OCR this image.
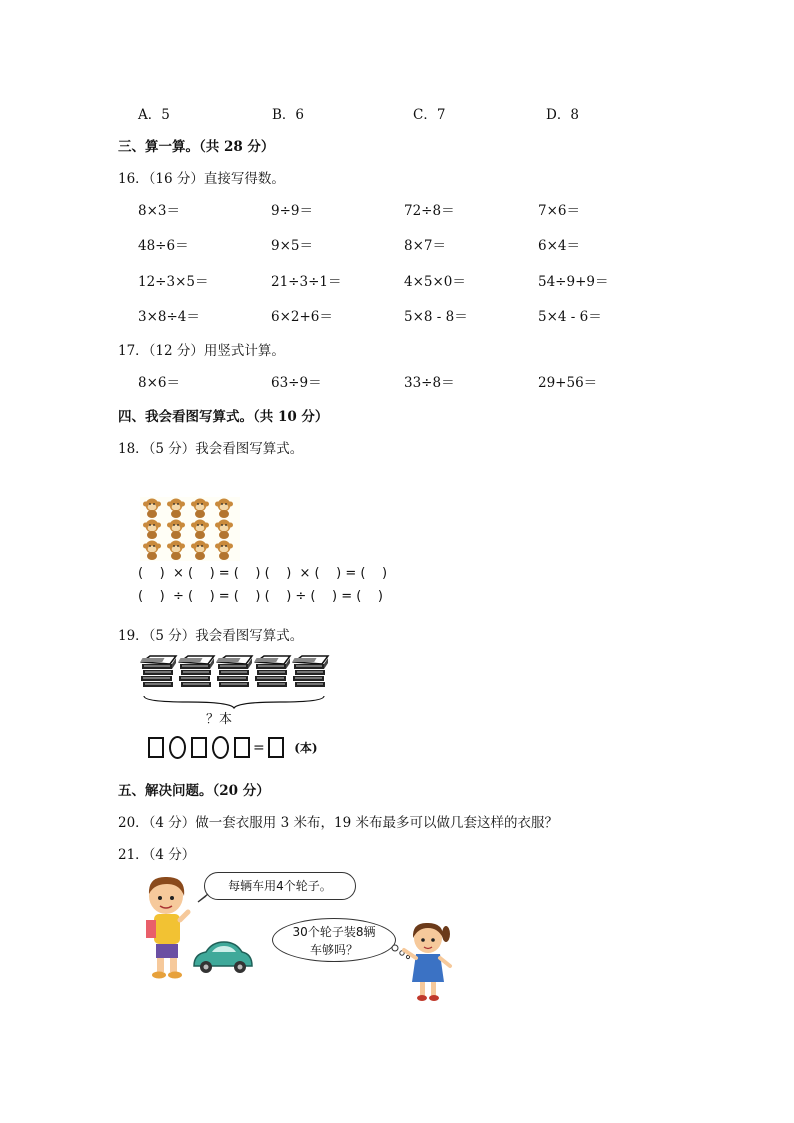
A．5	B．6	C．7	D．8
三、算一算。（共 28 分）
16．（16 分）直接写得数。
8×3＝	9÷9＝	72÷8＝	7×6＝
48÷6＝	9×5＝	8×7＝	6×4＝
12÷3×5＝	21÷3÷1＝	4×5×0＝	54÷9+9＝
3×8÷4＝	6×2+6＝	5×8 - 8＝	5×4 - 6＝
17．（12 分）用竖式计算。
8×6＝	63÷9＝	33÷8＝	29+56＝
四、我会看图写算式。（共 10 分）
18．（5 分）我会看图写算式。
(    )  × (    ) = (    ) (    )  × (    ) = (    )
(    )  ÷ (    ) = (    ) (    ) ÷ (    ) = (    )
19．（5 分）我会看图写算式。
？本
= (本)
五、解决问题。（20 分）
20．（4 分）做一套衣服用 3 米布，19 米布最多可以做几套这样的衣服？
21．（4 分）
每辆车用4个轮子。
30个轮子装8辆
车够吗？
